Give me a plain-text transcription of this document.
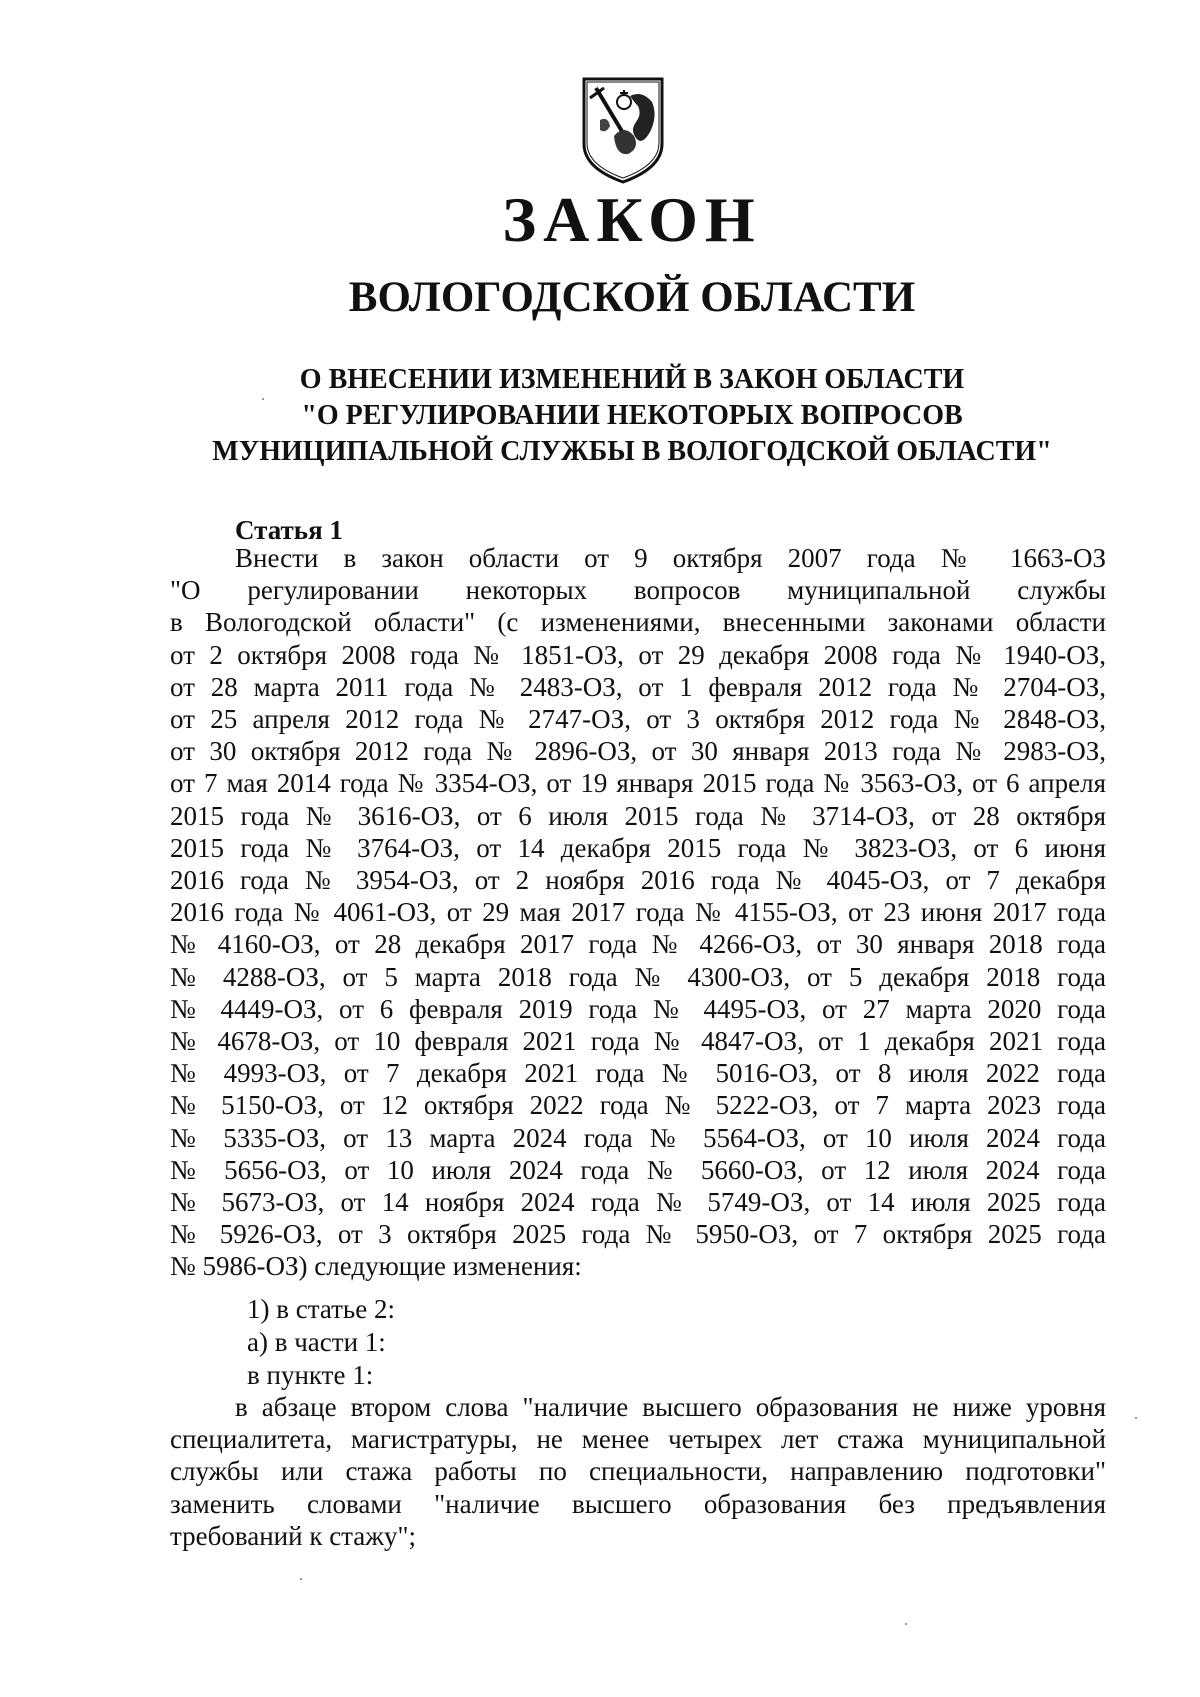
ЗАКОН
ВОЛОГОДСКОЙ ОБЛАСТИ
О ВНЕСЕНИИ ИЗМЕНЕНИЙ В ЗАКОН ОБЛАСТИ
"О РЕГУЛИРОВАНИИ НЕКОТОРЫХ ВОПРОСОВ
МУНИЦИПАЛЬНОЙ СЛУЖБЫ В ВОЛОГОДСКОЙ ОБЛАСТИ"
Статья 1
Внести в закон области от 9 октября 2007 года № 1663-ОЗ
"О регулировании некоторых вопросов муниципальной службы
в Вологодской области" (с изменениями, внесенными законами области
от 2 октября 2008 года № 1851-ОЗ, от 29 декабря 2008 года № 1940-ОЗ,
от 28 марта 2011 года № 2483-ОЗ, от 1 февраля 2012 года № 2704-ОЗ,
от 25 апреля 2012 года № 2747-ОЗ, от 3 октября 2012 года № 2848-ОЗ,
от 30 октября 2012 года № 2896-ОЗ, от 30 января 2013 года № 2983-ОЗ,
от 7 мая 2014 года № 3354-ОЗ, от 19 января 2015 года № 3563-ОЗ, от 6 апреля
2015 года № 3616-ОЗ, от 6 июля 2015 года № 3714-ОЗ, от 28 октября
2015 года № 3764-ОЗ, от 14 декабря 2015 года № 3823-ОЗ, от 6 июня
2016 года № 3954-ОЗ, от 2 ноября 2016 года № 4045-ОЗ, от 7 декабря
2016 года № 4061-ОЗ, от 29 мая 2017 года № 4155-ОЗ, от 23 июня 2017 года
№ 4160-ОЗ, от 28 декабря 2017 года № 4266-ОЗ, от 30 января 2018 года
№ 4288-ОЗ, от 5 марта 2018 года № 4300-ОЗ, от 5 декабря 2018 года
№ 4449-ОЗ, от 6 февраля 2019 года № 4495-ОЗ, от 27 марта 2020 года
№ 4678-ОЗ, от 10 февраля 2021 года № 4847-ОЗ, от 1 декабря 2021 года
№ 4993-ОЗ, от 7 декабря 2021 года № 5016-ОЗ, от 8 июля 2022 года
№ 5150-ОЗ, от 12 октября 2022 года № 5222-ОЗ, от 7 марта 2023 года
№ 5335-ОЗ, от 13 марта 2024 года № 5564-ОЗ, от 10 июля 2024 года
№ 5656-ОЗ, от 10 июля 2024 года № 5660-ОЗ, от 12 июля 2024 года
№ 5673-ОЗ, от 14 ноября 2024 года № 5749-ОЗ, от 14 июля 2025 года
№ 5926-ОЗ, от 3 октября 2025 года № 5950-ОЗ, от 7 октября 2025 года
№ 5986-ОЗ) следующие изменения:
1) в статье 2:
а) в части 1:
в пункте 1:
в абзаце втором слова "наличие высшего образования не ниже уровня
специалитета, магистратуры, не менее четырех лет стажа муниципальной
службы или стажа работы по специальности, направлению подготовки"
заменить словами "наличие высшего образования без предъявления
требований к стажу";
